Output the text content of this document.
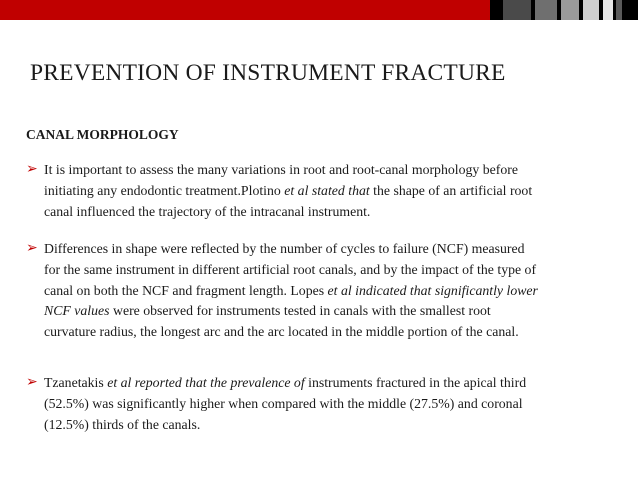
PREVENTION OF INSTRUMENT FRACTURE
CANAL MORPHOLOGY
➢ It is important to assess the many variations in root and root-canal morphology before
initiating any endodontic treatment.Plotino et al stated that the shape of an artificial root
canal influenced the trajectory of the intracanal instrument.
➢ Differences in shape were reflected by the number of cycles to failure (NCF) measured
for the same instrument in different artificial root canals, and by the impact of the type of
canal on both the NCF and fragment length. Lopes et al indicated that significantly lower
NCF values were observed for instruments tested in canals with the smallest root
curvature radius, the longest arc and the arc located in the middle portion of the canal.
➢ Tzanetakis et al reported that the prevalence of instruments fractured in the apical third
(52.5%) was significantly higher when compared with the middle (27.5%) and coronal
(12.5%) thirds of the canals.
